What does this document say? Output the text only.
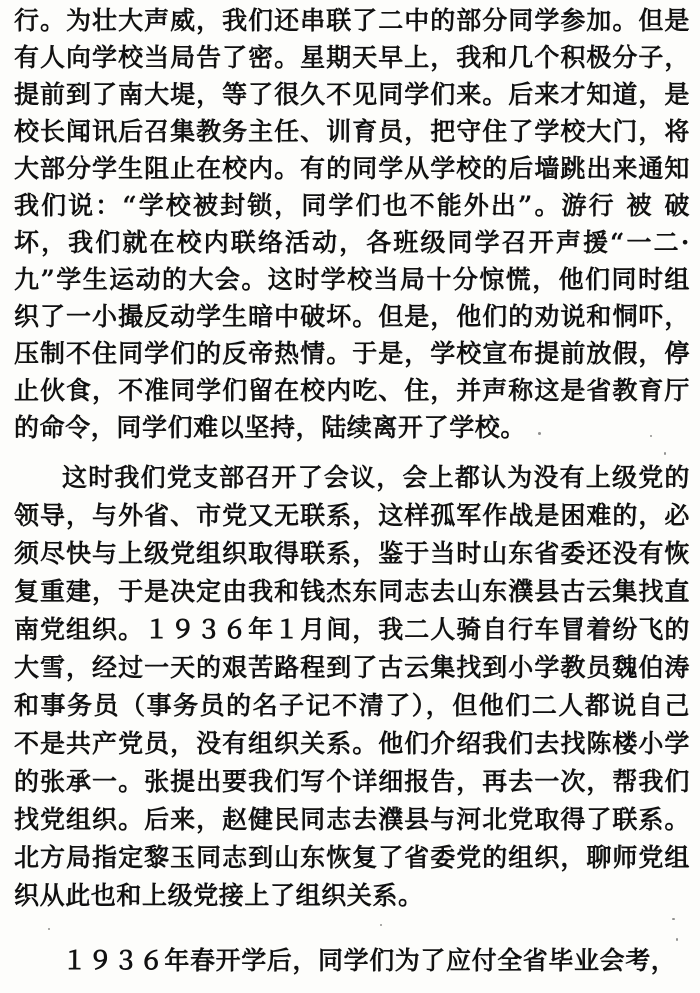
行。为壮大声威，我们还串联了二中的部分同学参加。但是
有人向学校当局告了密。星期天早上，我和几个积极分子，
提前到了南大堤，等了很久不见同学们来。后来才知道，是
校长闻讯后召集教务主任、训育员，把守住了学校大门，将
大部分学生阻止在校内。有的同学从学校的后墙跳出来通知
我们说：“学校被封锁，同学们也不能外出”。游行 被 破
坏，我们就在校内联络活动，各班级同学召开声援“一二·
九”学生运动的大会。这时学校当局十分惊慌，他们同时组
织了一小撮反动学生暗中破坏。但是，他们的劝说和恫吓，
压制不住同学们的反帝热情。于是，学校宣布提前放假，停
止伙食，不准同学们留在校内吃、住，并声称这是省教育厅
的命令，同学们难以坚持，陆续离开了学校。
这时我们党支部召开了会议，会上都认为没有上级党的
领导，与外省、市党又无联系，这样孤军作战是困难的，必
须尽快与上级党组织取得联系，鉴于当时山东省委还没有恢
复重建，于是决定由我和钱杰东同志去山东濮县古云集找直
南党组织。１９３６年１月间，我二人骑自行车冒着纷飞的
大雪，经过一天的艰苦路程到了古云集找到小学教员魏伯涛
和事务员（事务员的名子记不清了），但他们二人都说自己
不是共产党员，没有组织关系。他们介绍我们去找陈楼小学
的张承一。张提出要我们写个详细报告，再去一次，帮我们
找党组织。后来，赵健民同志去濮县与河北党取得了联系。
北方局指定黎玉同志到山东恢复了省委党的组织，聊师党组
织从此也和上级党接上了组织关系。
１９３６年春开学后，同学们为了应付全省毕业会考，
